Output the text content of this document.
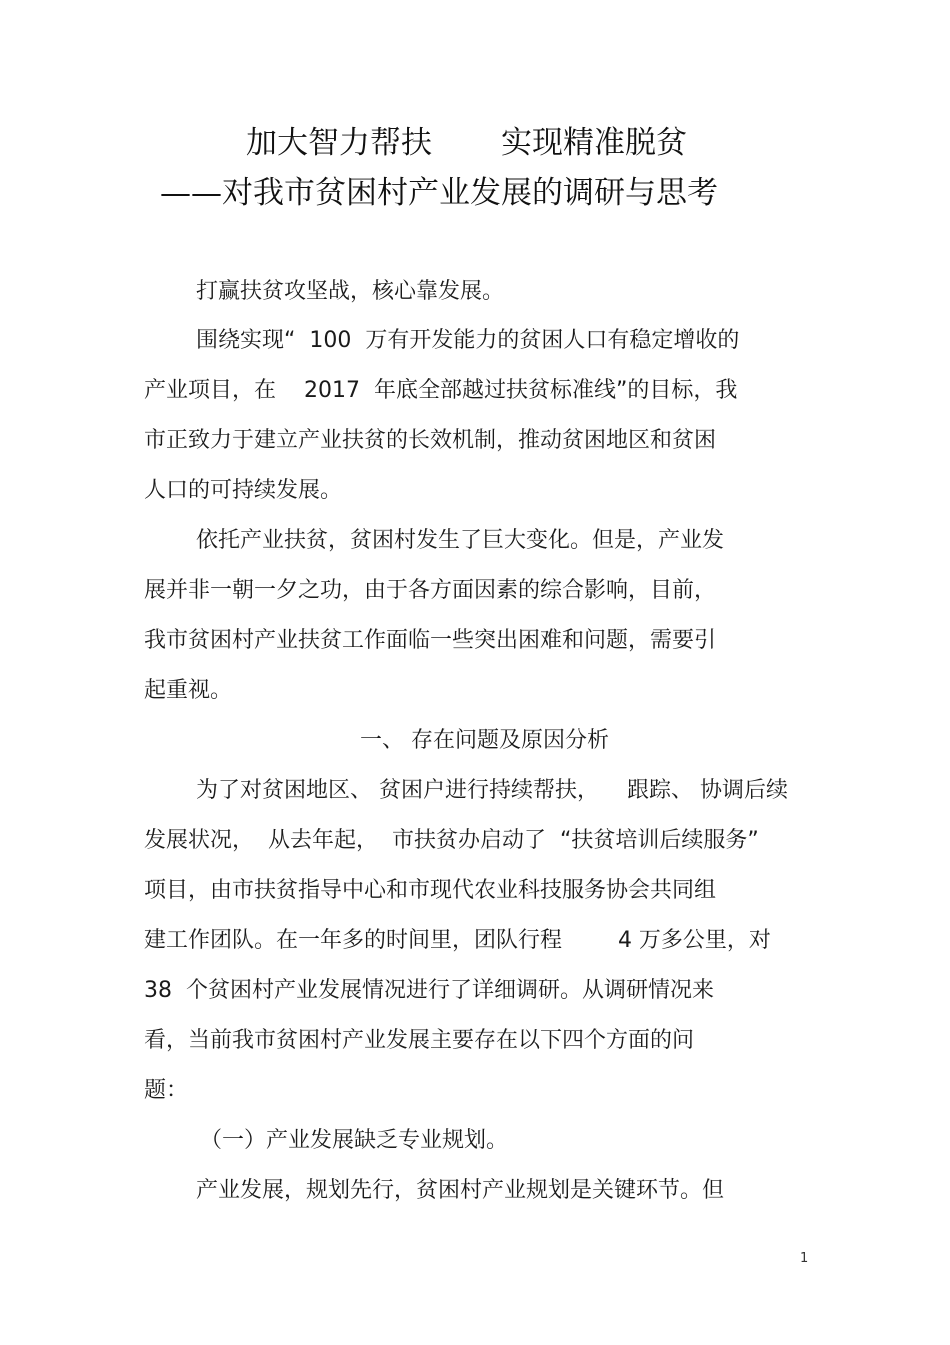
加大智力帮扶       实现精准脱贫
——对我市贫困村产业发展的调研与思考
打赢扶贫攻坚战，核心靠发展。
围绕实现“  100  万有开发能力的贫困人口有稳定增收的
产业项目，在    2017  年底全部越过扶贫标准线”的目标，我
市正致力于建立产业扶贫的长效机制，推动贫困地区和贫困
人口的可持续发展。
依托产业扶贫，贫困村发生了巨大变化。但是，产业发
展并非一朝一夕之功，由于各方面因素的综合影响，目前，
我市贫困村产业扶贫工作面临一些突出困难和问题，需要引
起重视。
一、 存在问题及原因分析
为了对贫困地区、 贫困户进行持续帮扶，    跟踪、 协调后续
发展状况，  从去年起，  市扶贫办启动了  “扶贫培训后续服务”
项目，由市扶贫指导中心和市现代农业科技服务协会共同组
建工作团队。在一年多的时间里，团队行程        4 万多公里，对
38  个贫困村产业发展情况进行了详细调研。从调研情况来
看，当前我市贫困村产业发展主要存在以下四个方面的问
题：
（一）产业发展缺乏专业规划。
产业发展，规划先行，贫困村产业规划是关键环节。但
1
